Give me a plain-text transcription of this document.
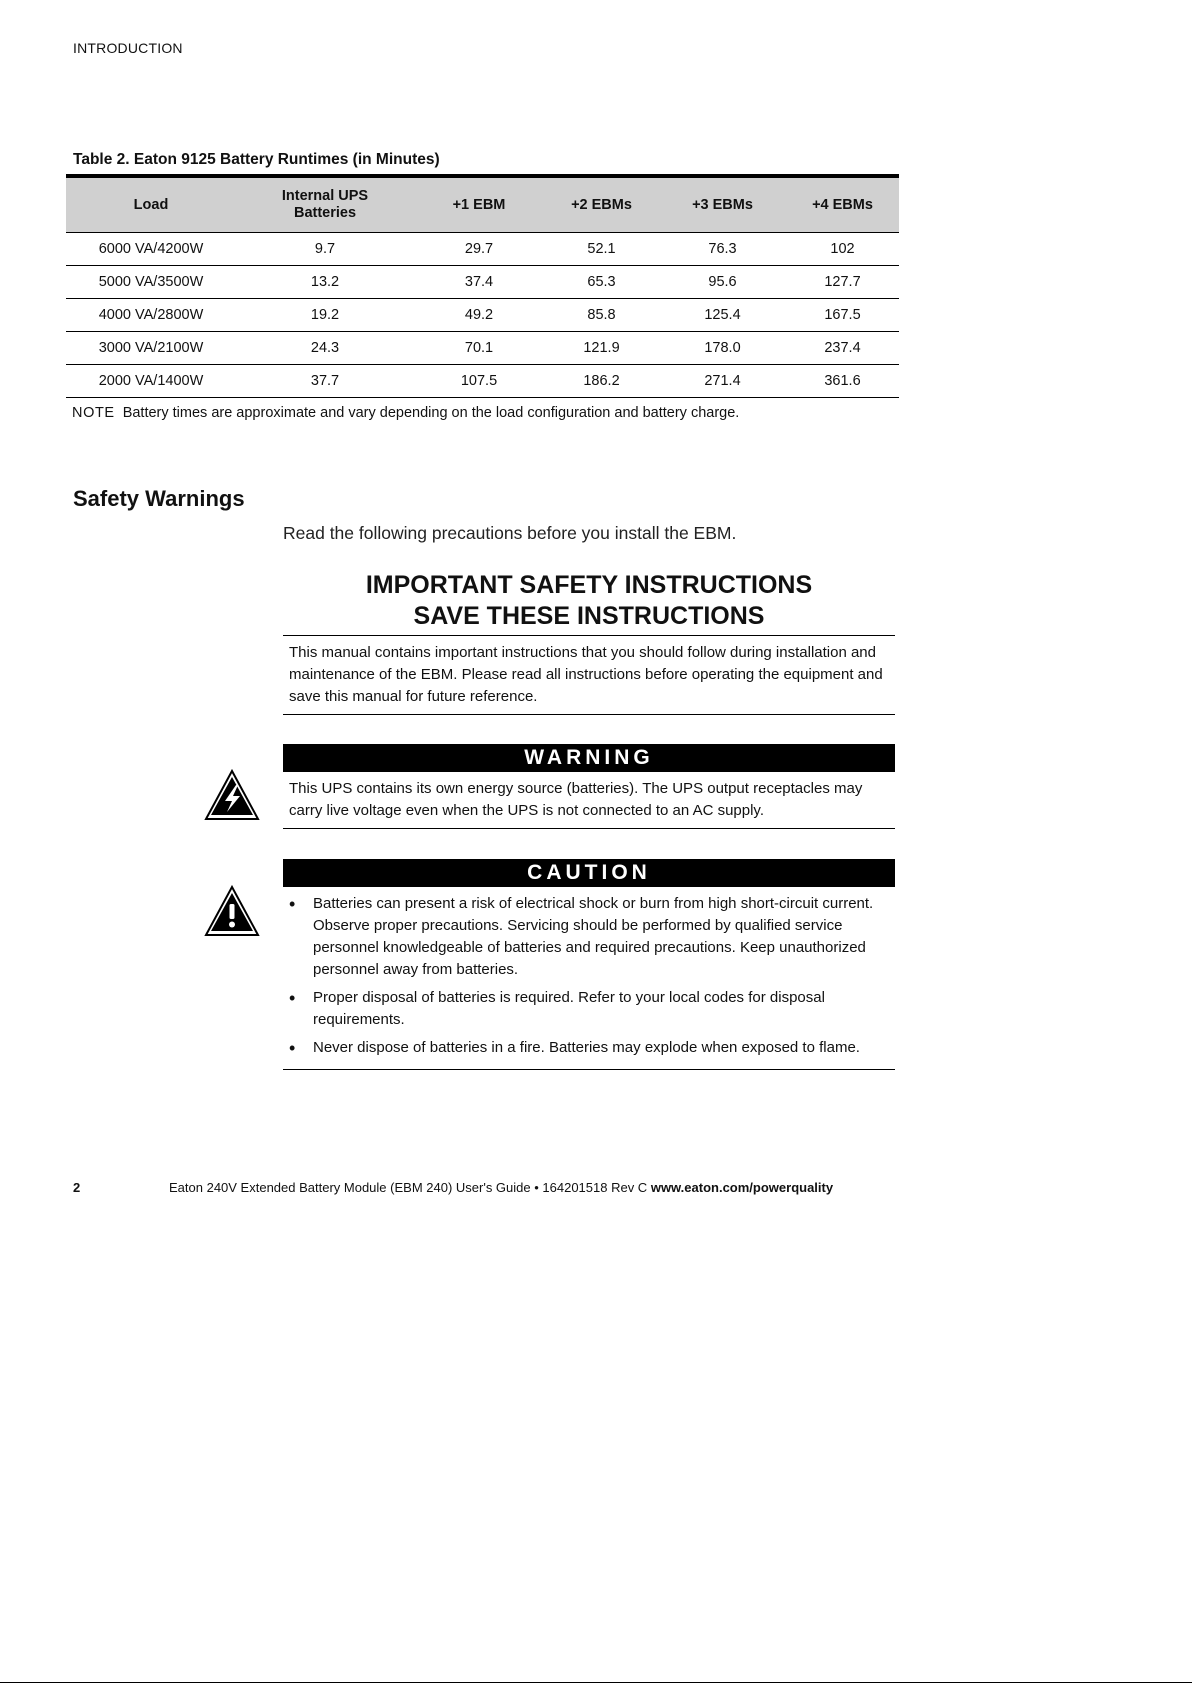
INTRODUCTION
Table 2. Eaton 9125 Battery Runtimes (in Minutes)
Load	Internal UPS Batteries	+1 EBM	+2 EBMs	+3 EBMs	+4 EBMs
6000 VA/4200W	9.7	29.7	52.1	76.3	102
5000 VA/3500W	13.2	37.4	65.3	95.6	127.7
4000 VA/2800W	19.2	49.2	85.8	125.4	167.5
3000 VA/2100W	24.3	70.1	121.9	178.0	237.4
2000 VA/1400W	37.7	107.5	186.2	271.4	361.6
NOTE Battery times are approximate and vary depending on the load configuration and battery charge.
Safety Warnings
Read the following precautions before you install the EBM.
IMPORTANT SAFETY INSTRUCTIONS
SAVE THESE INSTRUCTIONS
This manual contains important instructions that you should follow during installation and maintenance of the EBM. Please read all instructions before operating the equipment and save this manual for future reference.
WARNING
This UPS contains its own energy source (batteries). The UPS output receptacles may carry live voltage even when the UPS is not connected to an AC supply.
CAUTION
• Batteries can present a risk of electrical shock or burn from high short-circuit current. Observe proper precautions. Servicing should be performed by qualified service personnel knowledgeable of batteries and required precautions. Keep unauthorized personnel away from batteries.
• Proper disposal of batteries is required. Refer to your local codes for disposal requirements.
• Never dispose of batteries in a fire. Batteries may explode when exposed to flame.
2	Eaton 240V Extended Battery Module (EBM 240) User's Guide • 164201518 Rev C www.eaton.com/powerquality
